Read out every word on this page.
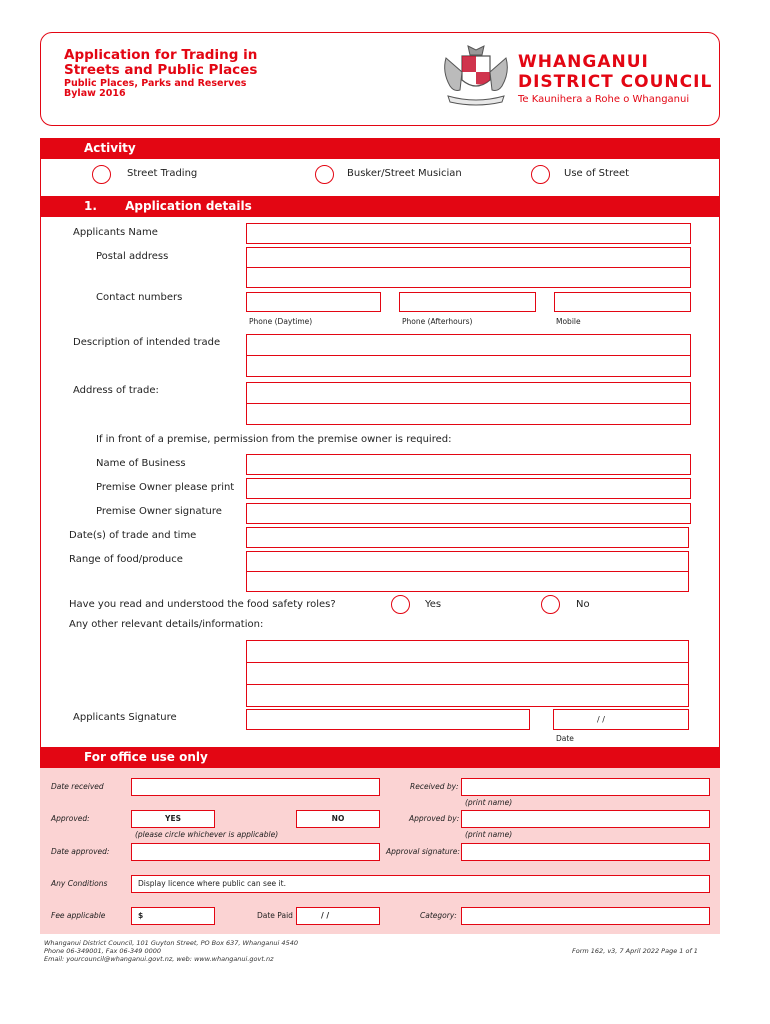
Application for Trading in
Streets and Public Places
Public Places, Parks and Reserves
Bylaw 2016
WHANGANUI
DISTRICT COUNCIL
Te Kaunihera a Rohe o Whanganui
Activity
Street Trading	Busker/Street Musician	Use of Street
1. Application details
Applicants Name
Postal address
Contact numbers
Phone (Daytime)	Phone (Afterhours)	Mobile
Description of intended trade
Address of trade:
If in front of a premise, permission from the premise owner is required:
Name of Business
Premise Owner please print
Premise Owner signature
Date(s) of trade and time
Range of food/produce
Have you read and understood the food safety roles?	Yes	No
Any other relevant details/information:
Applicants Signature	/ /
Date
For office use only
Date received	Received by:
(print name)
Approved:	YES	NO	Approved by:
(please circle whichever is applicable)	(print name)
Date approved:	Approval signature:
Any Conditions	Display licence where public can see it.
Fee applicable	$	Date Paid	/ /	Category:
Whanganui District Council, 101 Guyton Street, PO Box 637, Whanganui 4540
Phone 06-349001, Fax 06-349 0000
Email: yourcouncil@whanganui.govt.nz, web: www.whanganui.govt.nz
Form 162, v3, 7 April 2022 Page 1 of 1
